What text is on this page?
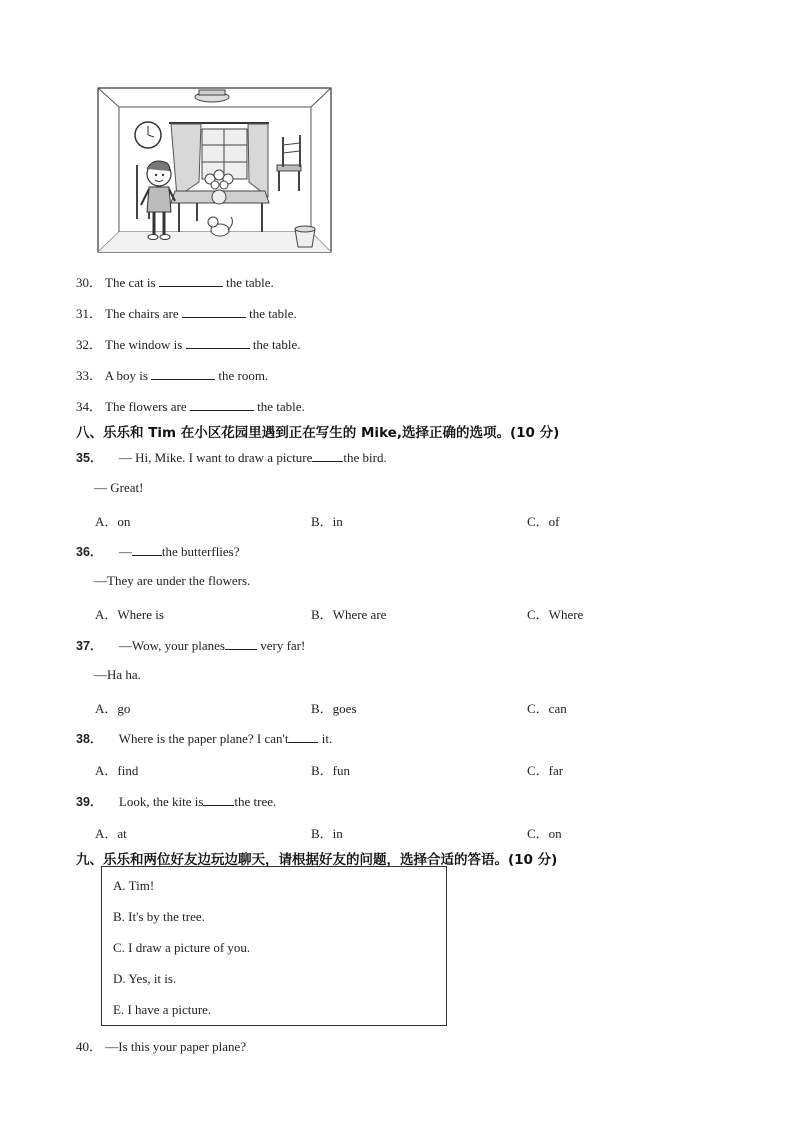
30． The cat is	the table.
31． The chairs are	the table.
32． The window is	the table.
33． A boy is	the room.
34． The flowers are	the table.
八、乐乐和 Tim 在小区花园里遇到正在写生的 Mike,选择正确的选项。(10 分)
35． — Hi, Mike. I want to draw a picture the bird.
— Great!
A．on	B．in	C．of
36． — the butterflies?
—They are under the flowers.
A．Where is	B．Where are	C．Where
37． —Wow, your planes	very far!
—Ha ha.
A．go	B．goes	C．can
38． Where is the paper plane? I can't	it.
A．find	B．fun	C．far
39． Look, the kite is the tree.
A．at	B．in	C．on
九、乐乐和两位好友边玩边聊天，请根据好友的问题，选择合适的答语。(10 分)
A. Tim!
B. It's by the tree.
C. I draw a picture of you.
D. Yes, it is.
E. I have a picture.
40． —Is this your paper plane?
